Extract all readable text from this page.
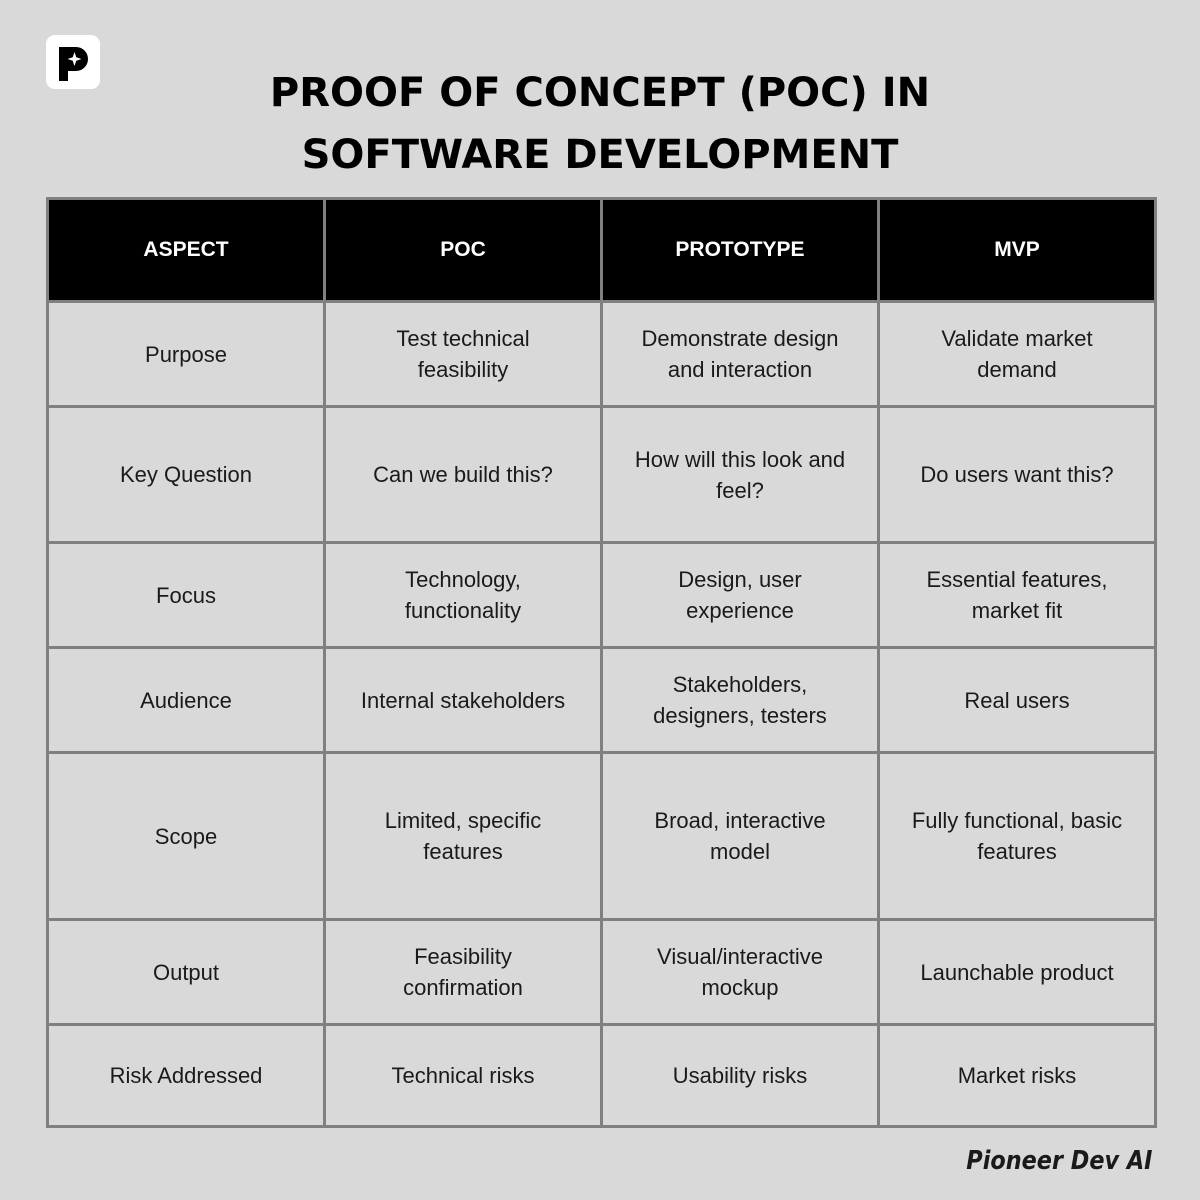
PROOF OF CONCEPT (POC) IN
SOFTWARE DEVELOPMENT
ASPECT	POC	PROTOTYPE	MVP
Purpose	Test technical feasibility	Demonstrate design and interaction	Validate market demand
Key Question	Can we build this?	How will this look and feel?	Do users want this?
Focus	Technology, functionality	Design, user experience	Essential features, market fit
Audience	Internal stakeholders	Stakeholders, designers, testers	Real users
Scope	Limited, specific features	Broad, interactive model	Fully functional, basic features
Output	Feasibility confirmation	Visual/interactive mockup	Launchable product
Risk Addressed	Technical risks	Usability risks	Market risks
Pioneer Dev AI
